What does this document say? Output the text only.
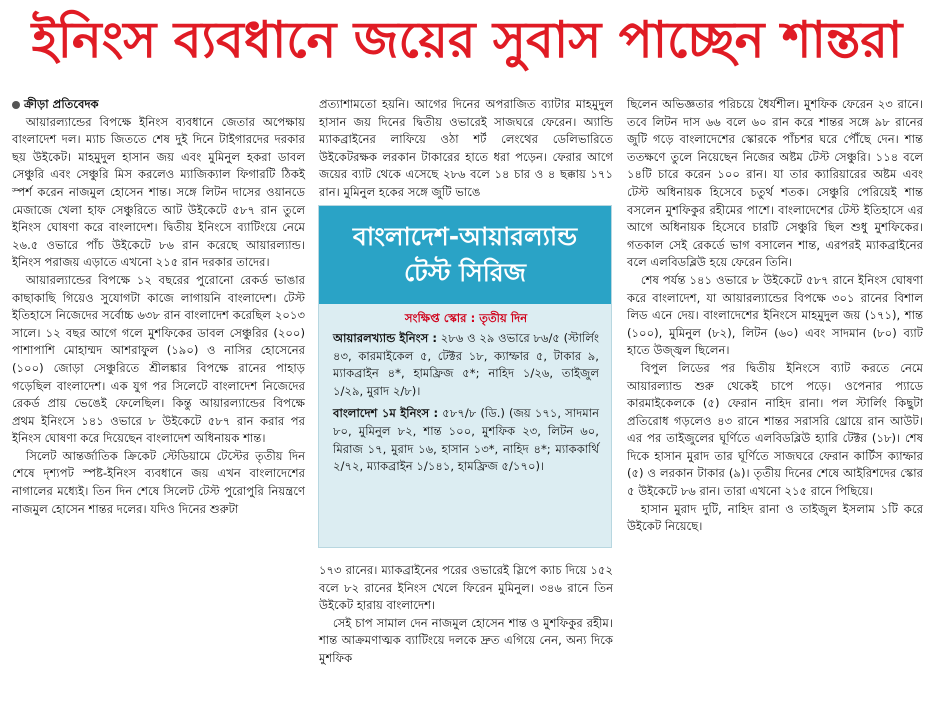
ইনিংস ব্যবধানে জয়ের সুবাস পাচ্ছেন শান্তরা
ক্রীড়া প্রতিবেদক

আয়ারল্যান্ডের বিপক্ষে ইনিংস ব্যবধানে জেতার অপেক্ষায় বাংলাদেশ দল। ম্যাচ জিততে শেষ দুই দিনে টাইগারদের দরকার ছয় উইকেট। মাহমুদুল হাসান জয় এবং মুমিনুল হকরা ডাবল সেঞ্চুরি এবং সেঞ্চুরি মিস করলেও ম্যাজিক্যাল ফিগারটি ঠিকই স্পর্শ করেন নাজমুল হোসেন শান্ত। সঙ্গে লিটন দাসের ওয়ানডে মেজাজে খেলা হাফ সেঞ্চুরিতে আট উইকেটে ৫৮৭ রান তুলে ইনিংস ঘোষণা করে বাংলাদেশ। দ্বিতীয় ইনিংসে ব্যাটিংয়ে নেমে ২৬.৫ ওভারে পাঁচ উইকেটে ৮৬ রান করেছে আয়ারল্যান্ড। ইনিংস পরাজয় এড়াতে এখনো ২১৫ রান দরকার তাদের।

আয়ারল্যান্ডের বিপক্ষে ১২ বছরের পুরোনো রেকর্ড ভাঙার কাছাকাছি গিয়েও সুযোগটা কাজে লাগায়নি বাংলাদেশ। টেস্ট ইতিহাসে নিজেদের সর্বোচ্চ ৬৩৮ রান বাংলাদেশ করেছিল ২০১৩ সালে। ১২ বছর আগে গলে মুশফিকের ডাবল সেঞ্চুরির (২০০) পাশাপাশি মোহাম্মদ আশরাফুল (১৯০) ও নাসির হোসেনের (১০০) জোড়া সেঞ্চুরিতে শ্রীলঙ্কার বিপক্ষে রানের পাহাড় গড়েছিল বাংলাদেশ। এক যুগ পর সিলেটে বাংলাদেশ নিজেদের রেকর্ড প্রায় ভেঙেই ফেলেছিল। কিন্তু আয়ারল্যান্ডের বিপক্ষে প্রথম ইনিংসে ১৪১ ওভারে ৮ উইকেটে ৫৮৭ রান করার পর ইনিংস ঘোষণা করে দিয়েছেন বাংলাদেশ অধিনায়ক শান্ত।

সিলেট আন্তর্জাতিক ক্রিকেট স্টেডিয়ামে টেস্টের তৃতীয় দিন শেষে দৃশ্যপট স্পষ্ট-ইনিংস ব্যবধানে জয় এখন বাংলাদেশের নাগালের মধ্যেই। তিন দিন শেষে সিলেট টেস্ট পুরোপুরি নিয়ন্ত্রণে নাজমুল হোসেন শান্তর দলের। যদিও দিনের শুরুটা

প্রত্যাশামতো হয়নি। আগের দিনের অপরাজিত ব্যাটার মাহমুদুল হাসান জয় দিনের দ্বিতীয় ওভারেই সাজঘরে ফেরেন। অ্যান্ডি ম্যাকব্রাইনের লাফিয়ে ওঠা শর্ট লেংথের ডেলিভারিতে উইকেটরক্ষক লরকান টাকারের হাতে ধরা পড়েন। ফেরার আগে জয়ের ব্যাট থেকে এসেছে ২৮৬ বলে ১৪ চার ও ৪ ছক্কায় ১৭১ রান। মুমিনুল হকের সঙ্গে জুটি ভাঙে

বাংলাদেশ-আয়ারল্যান্ড
টেস্ট সিরিজ
সংক্ষিপ্ত স্কোর : তৃতীয় দিন

আয়ারলখ্যান্ড ইনিংস : ২৮৬ ও ২৯ ওভারে ৮৬/৫ (স্টার্লিং ৪৩, কারমাইকেল ৫, টেক্টর ১৮, ক্যাম্ফার ৫, টাকার ৯, ম্যাকব্রাইন ৪*, হামফ্রিজ ৫*; নাহিদ ১/২৬, তাইজুল ১/২৯, মুরাদ ২/৮)।

বাংলাদেশ ১ম ইনিংস : ৫৮৭/৮ (ডি.) (জয় ১৭১, সাদমান ৮০, মুমিনুল ৮২, শান্ত ১০০, মুশফিক ২৩, লিটন ৬০, মিরাজ ১৭, মুরাদ ১৬, হাসান ১৩*, নাহিদ ৪*; ম্যাককার্থি ২/৭২, ম্যাকব্রাইন ১/১৪১, হামফ্রিজ ৫/১৭০)।

১৭৩ রানের। ম্যাকব্রাইনের পরের ওভারেই স্লিপে ক্যাচ দিয়ে ১৫২ বলে ৮২ রানের ইনিংস খেলে ফিরেন মুমিনুল। ৩৪৬ রানে তিন উইকেট হারায় বাংলাদেশ।

সেই চাপ সামাল দেন নাজমুল হোসেন শান্ত ও মুশফিকুর রহীম। শান্ত আক্রমণাত্মক ব্যাটিংয়ে দলকে দ্রুত এগিয়ে নেন, অন্য দিকে মুশফিক

ছিলেন অভিজ্ঞতার পরিচয়ে ধৈর্যশীল। মুশফিক ফেরেন ২৩ রানে। তবে লিটন দাস ৬৬ বলে ৬০ রান করে শান্তর সঙ্গে ৯৮ রানের জুটি গড়ে বাংলাদেশের স্কোরকে পাঁচশর ঘরে পৌঁছে দেন। শান্ত ততক্ষণে তুলে নিয়েছেন নিজের অষ্টম টেস্ট সেঞ্চুরি। ১১৪ বলে ১৪টি চারে করেন ১০০ রান। যা তার ক্যারিয়ারের অষ্টম এবং টেস্ট অধিনায়ক হিসেবে চতুর্থ শতক। সেঞ্চুরি পেরিয়েই শান্ত বসলেন মুশফিকুর রহীমের পাশে। বাংলাদেশের টেস্ট ইতিহাসে এর আগে অধিনায়ক হিসেবে চারটি সেঞ্চুরি ছিল শুধু মুশফিকের। গতকাল সেই রেকর্ডে ভাগ বসালেন শান্ত, এরপরই ম্যাকব্রাইনের বলে এলবিডব্লিউ হয়ে ফেরেন তিনি।

শেষ পর্যন্ত ১৪১ ওভারে ৮ উইকেটে ৫৮৭ রানে ইনিংস ঘোষণা করে বাংলাদেশ, যা আয়ারল্যান্ডের বিপক্ষে ৩০১ রানের বিশাল লিড এনে দেয়। বাংলাদেশের ইনিংসে মাহমুদুল জয় (১৭১), শান্ত (১০০), মুমিনুল (৮২), লিটন (৬০) এবং সাদমান (৮০) ব্যাট হাতে উজ্জ্বল ছিলেন।

বিপুল লিডের পর দ্বিতীয় ইনিংসে ব্যাট করতে নেমে আয়ারল্যান্ড শুরু থেকেই চাপে পড়ে। ওপেনার প্যাডে কারমাইকেলকে (৫) ফেরান নাহিদ রানা। পল স্টার্লিং কিছুটা প্রতিরোধ গড়লেও ৪৩ রানে শান্তর সরাসরি থ্রোয়ে রান আউট। এর পর তাইজুলের ঘূর্ণিতে এলবিডব্লিউ হ্যারি টেক্টর (১৮)। শেষ দিকে হাসান মুরাদ তার ঘূর্ণিতে সাজঘরে ফেরান কার্টিস ক্যাম্ফার (৫) ও লরকান টাকার (৯)। তৃতীয় দিনের শেষে আইরিশদের স্কোর ৫ উইকেটে ৮৬ রান। তারা এখনো ২১৫ রানে পিছিয়ে।

হাসান মুরাদ দুটি, নাহিদ রানা ও তাইজুল ইসলাম ১টি করে উইকেট নিয়েছে।
